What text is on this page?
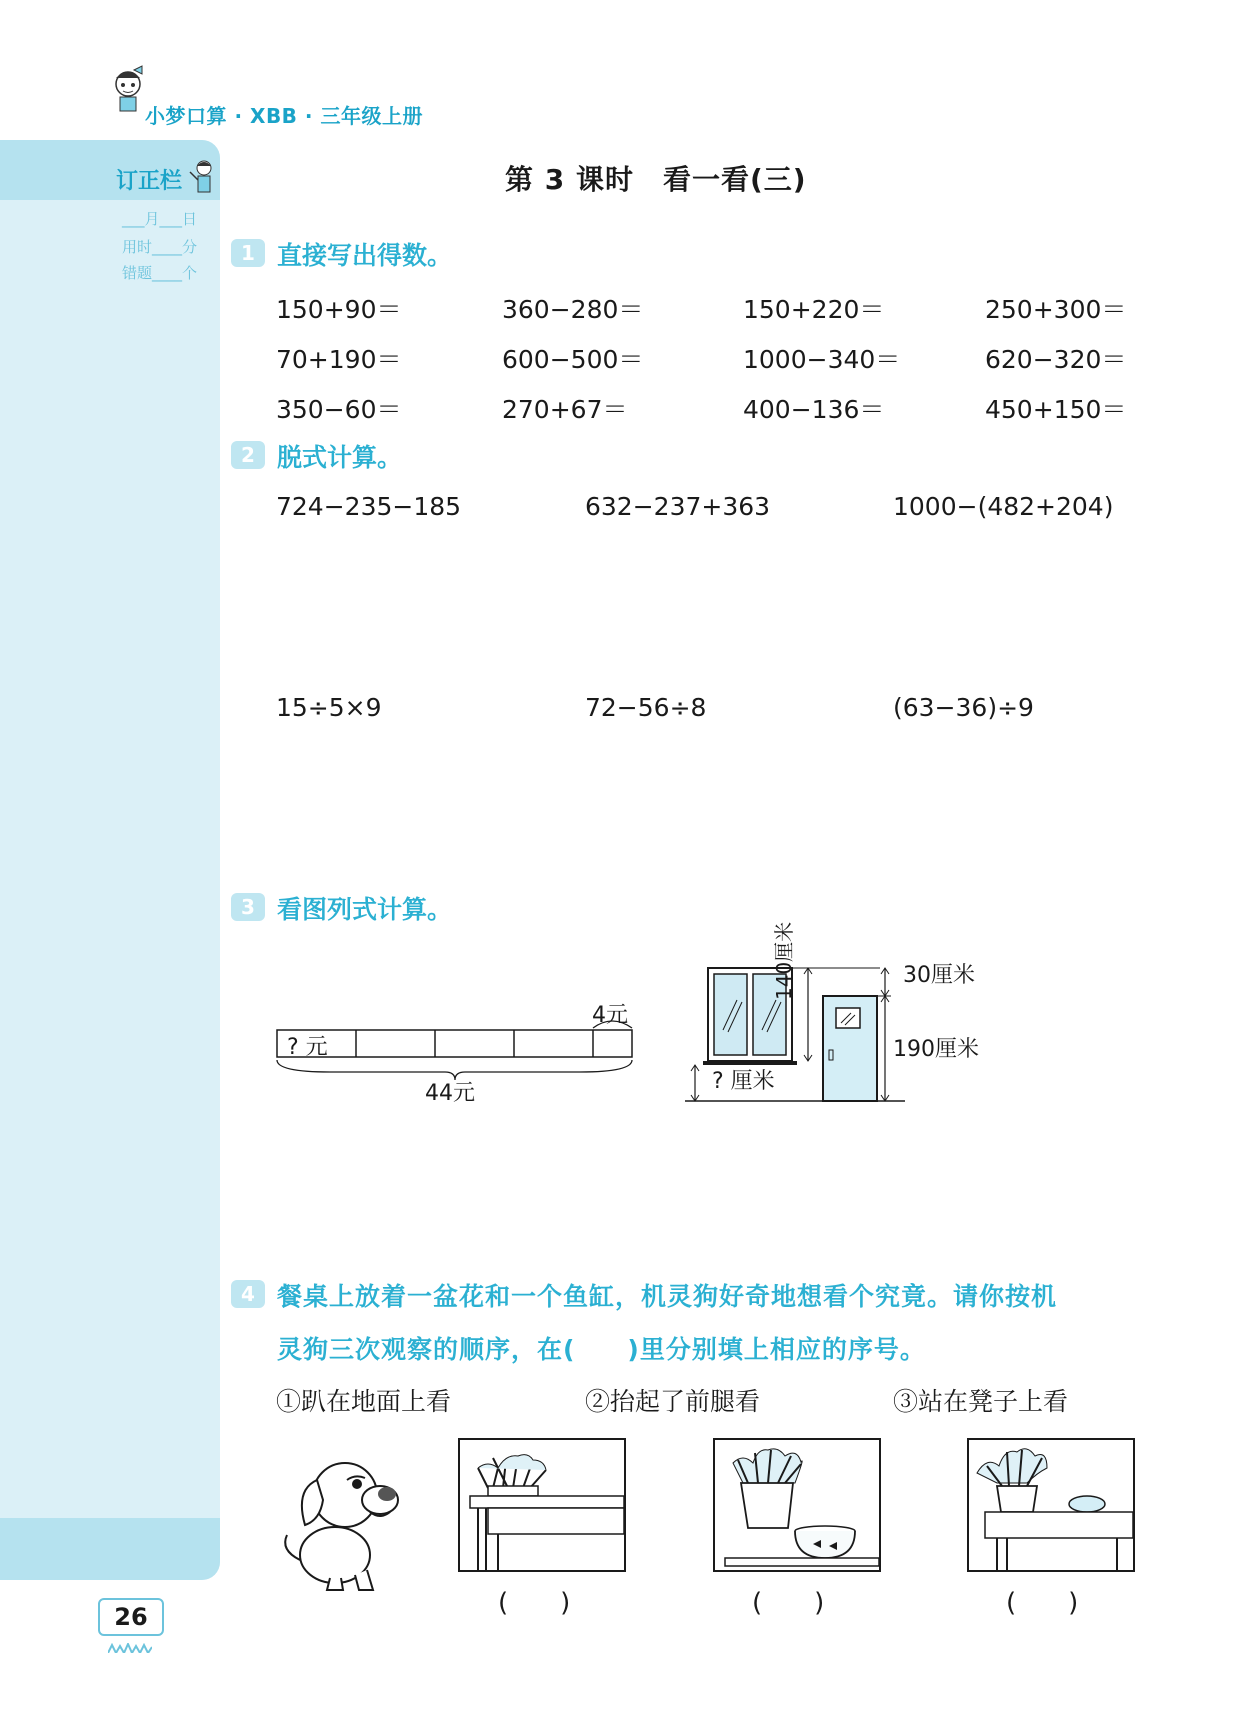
小梦口算 · XBB · 三年级上册
订正栏
___月___日
用时____分
错题____个
第 3 课时　看一看(三)
1 直接写出得数。
150+90＝	360−280＝	150+220＝	250+300＝
70+190＝	600−500＝	1000−340＝	620−320＝
350−60＝	270+67＝	400−136＝	450+150＝
2 脱式计算。
724−235−185	632−237+363	1000−(482+204)
15÷5×9	72−56÷8	(63−36)÷9
3 看图列式计算。
? 元
4元
44元
30厘米
190厘米
140厘米
? 厘米
4 餐桌上放着一盆花和一个鱼缸，机灵狗好奇地想看个究竟。请你按机
灵狗三次观察的顺序，在(　　)里分别填上相应的序号。
①趴在地面上看	②抬起了前腿看	③站在凳子上看
(　　)	(　　)	(　　)
26
